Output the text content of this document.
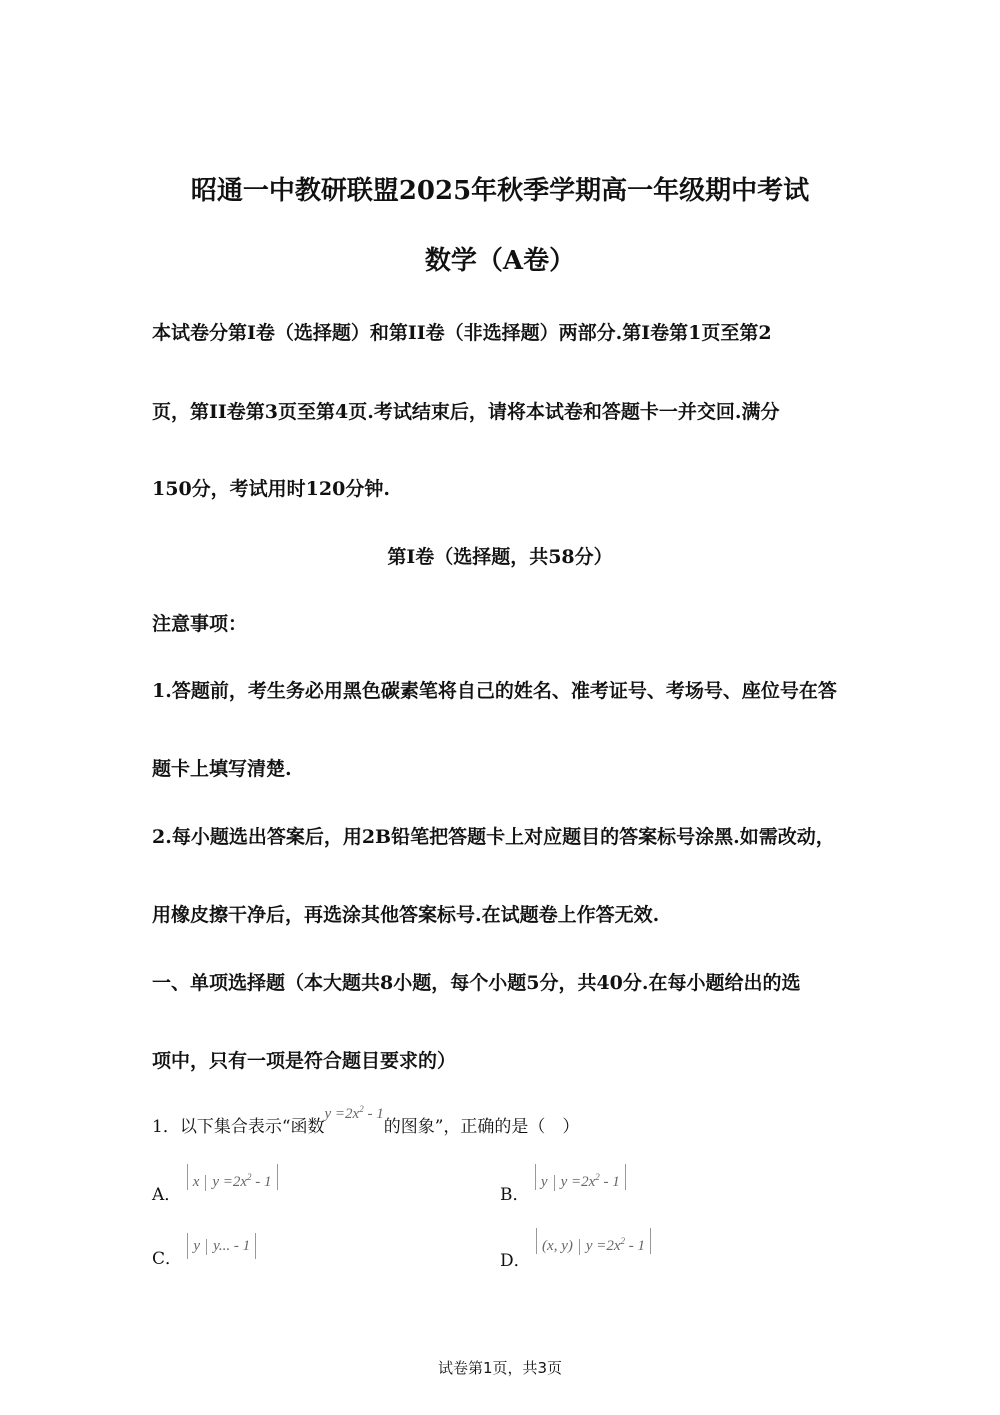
昭通一中教研联盟2025年秋季学期高一年级期中考试
数学（A卷）
本试卷分第I卷（选择题）和第II卷（非选择题）两部分.第I卷第1页至第2
页，第II卷第3页至第4页.考试结束后，请将本试卷和答题卡一并交回.满分
150分，考试用时120分钟.
第I卷（选择题，共58分）
注意事项：
1.答题前，考生务必用黑色碳素笔将自己的姓名、准考证号、考场号、座位号在答
题卡上填写清楚.
2.每小题选出答案后，用2B铅笔把答题卡上对应题目的答案标号涂黑.如需改动，
用橡皮擦干净后，再选涂其他答案标号.在试题卷上作答无效.
一、单项选择题（本大题共8小题，每个小题5分，共40分.在每小题给出的选
项中，只有一项是符合题目要求的）
1．以下集合表示“函数$y =2x^2 - 1$的图象”，正确的是（　）
A． x $y =2x^2 - 1$
B． y $y =2x^2 - 1$
C． y y... - 1
D． (x, y) $y =2x^2 - 1$
试卷第1页，共3页
